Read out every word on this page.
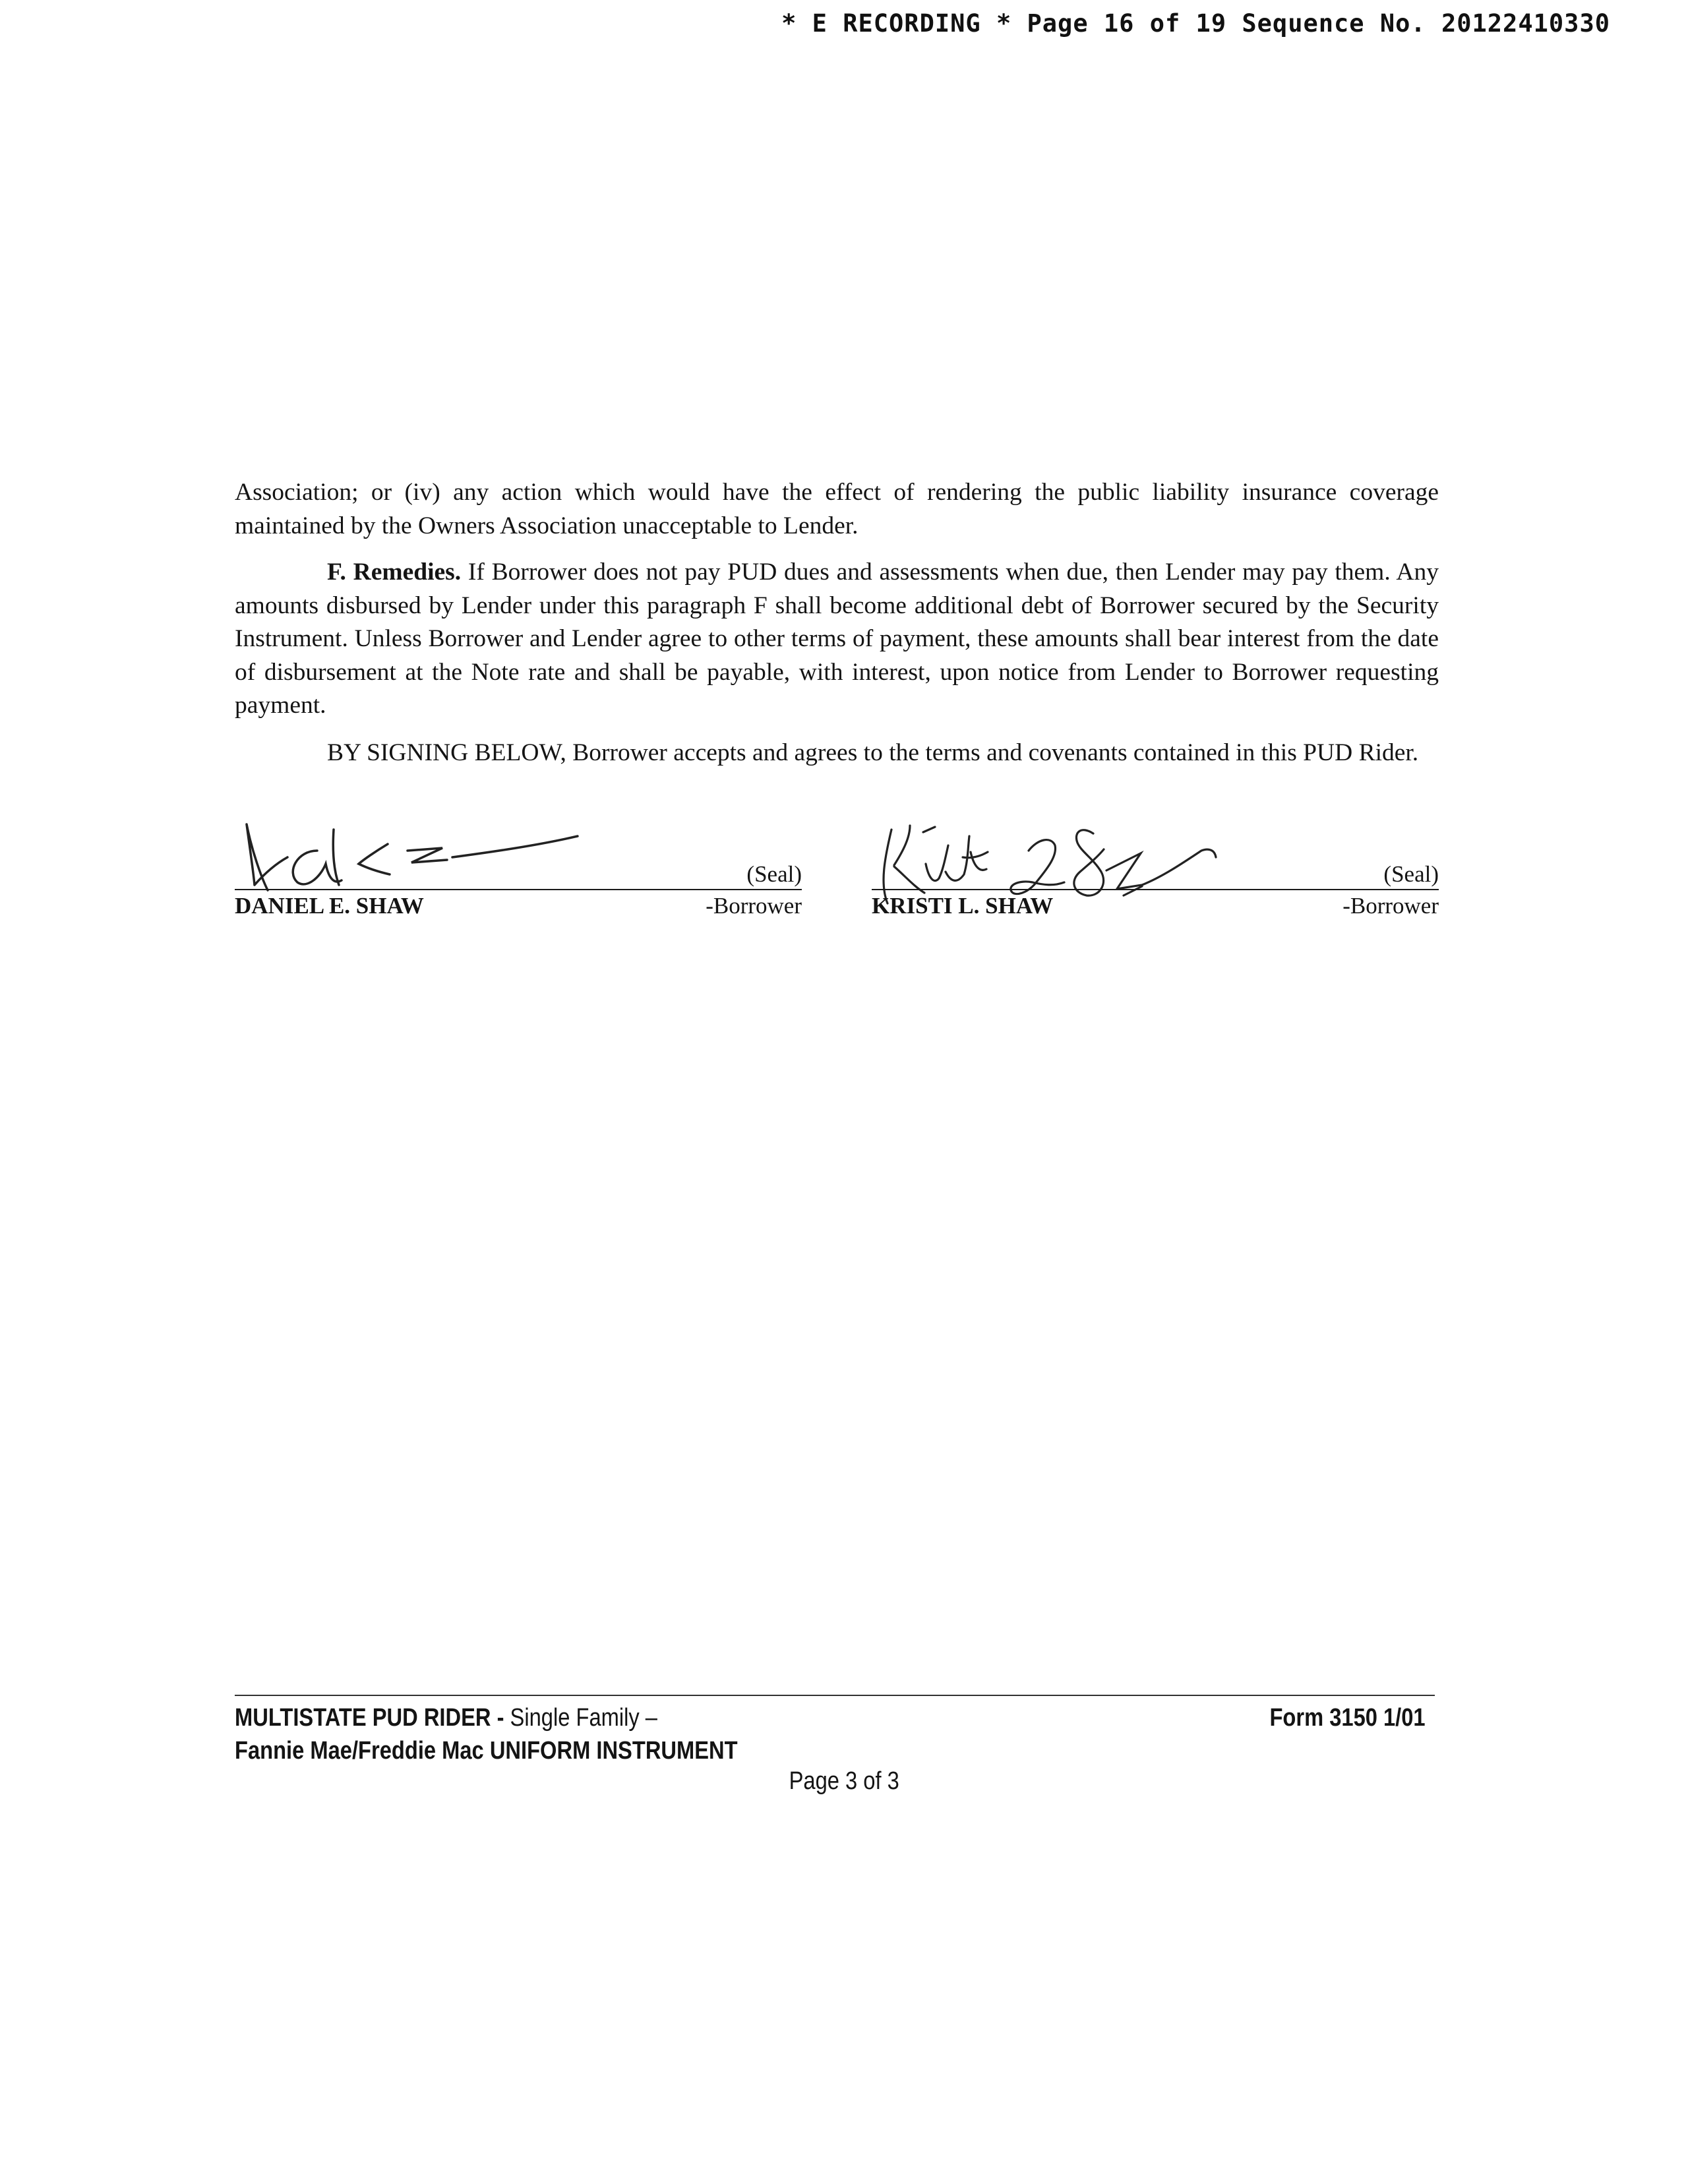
* E RECORDING * Page 16 of 19 Sequence No. 20122410330

Association; or (iv) any action which would have the effect of rendering the public liability insurance coverage maintained by the Owners Association unacceptable to Lender.

F. Remedies. If Borrower does not pay PUD dues and assessments when due, then Lender may pay them. Any amounts disbursed by Lender under this paragraph F shall become additional debt of Borrower secured by the Security Instrument. Unless Borrower and Lender agree to other terms of payment, these amounts shall bear interest from the date of disbursement at the Note rate and shall be payable, with interest, upon notice from Lender to Borrower requesting payment.

BY SIGNING BELOW, Borrower accepts and agrees to the terms and covenants contained in this PUD Rider.

(Seal)
DANIEL E. SHAW	-Borrower
(Seal)
KRISTI L. SHAW	-Borrower
MULTISTATE PUD RIDER - Single Family –
Fannie Mae/Freddie Mac UNIFORM INSTRUMENT
Form 3150 1/01
Page 3 of 3
